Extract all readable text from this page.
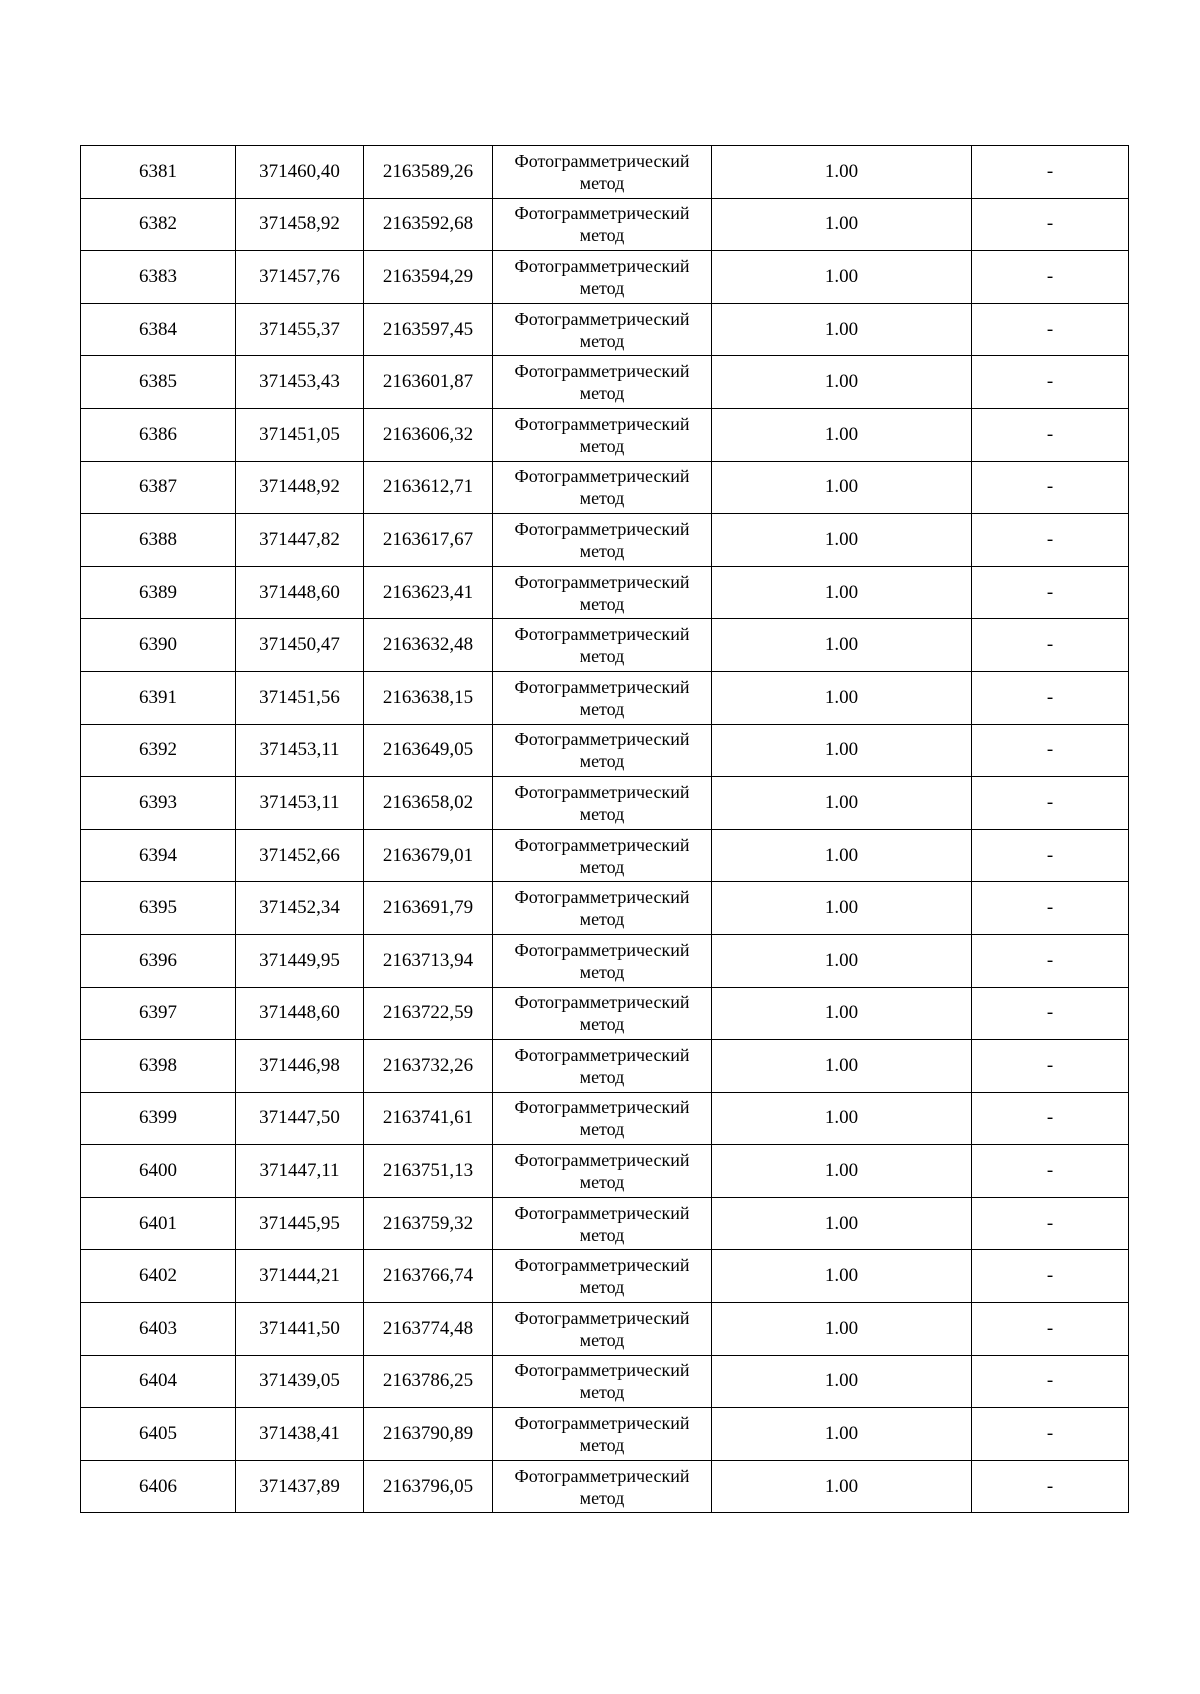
6381	371460,40	2163589,26	Фотограмметрический
метод	1.00	-
6382	371458,92	2163592,68	Фотограмметрический
метод	1.00	-
6383	371457,76	2163594,29	Фотограмметрический
метод	1.00	-
6384	371455,37	2163597,45	Фотограмметрический
метод	1.00	-
6385	371453,43	2163601,87	Фотограмметрический
метод	1.00	-
6386	371451,05	2163606,32	Фотограмметрический
метод	1.00	-
6387	371448,92	2163612,71	Фотограмметрический
метод	1.00	-
6388	371447,82	2163617,67	Фотограмметрический
метод	1.00	-
6389	371448,60	2163623,41	Фотограмметрический
метод	1.00	-
6390	371450,47	2163632,48	Фотограмметрический
метод	1.00	-
6391	371451,56	2163638,15	Фотограмметрический
метод	1.00	-
6392	371453,11	2163649,05	Фотограмметрический
метод	1.00	-
6393	371453,11	2163658,02	Фотограмметрический
метод	1.00	-
6394	371452,66	2163679,01	Фотограмметрический
метод	1.00	-
6395	371452,34	2163691,79	Фотограмметрический
метод	1.00	-
6396	371449,95	2163713,94	Фотограмметрический
метод	1.00	-
6397	371448,60	2163722,59	Фотограмметрический
метод	1.00	-
6398	371446,98	2163732,26	Фотограмметрический
метод	1.00	-
6399	371447,50	2163741,61	Фотограмметрический
метод	1.00	-
6400	371447,11	2163751,13	Фотограмметрический
метод	1.00	-
6401	371445,95	2163759,32	Фотограмметрический
метод	1.00	-
6402	371444,21	2163766,74	Фотограмметрический
метод	1.00	-
6403	371441,50	2163774,48	Фотограмметрический
метод	1.00	-
6404	371439,05	2163786,25	Фотограмметрический
метод	1.00	-
6405	371438,41	2163790,89	Фотограмметрический
метод	1.00	-
6406	371437,89	2163796,05	Фотограмметрический
метод	1.00	-
